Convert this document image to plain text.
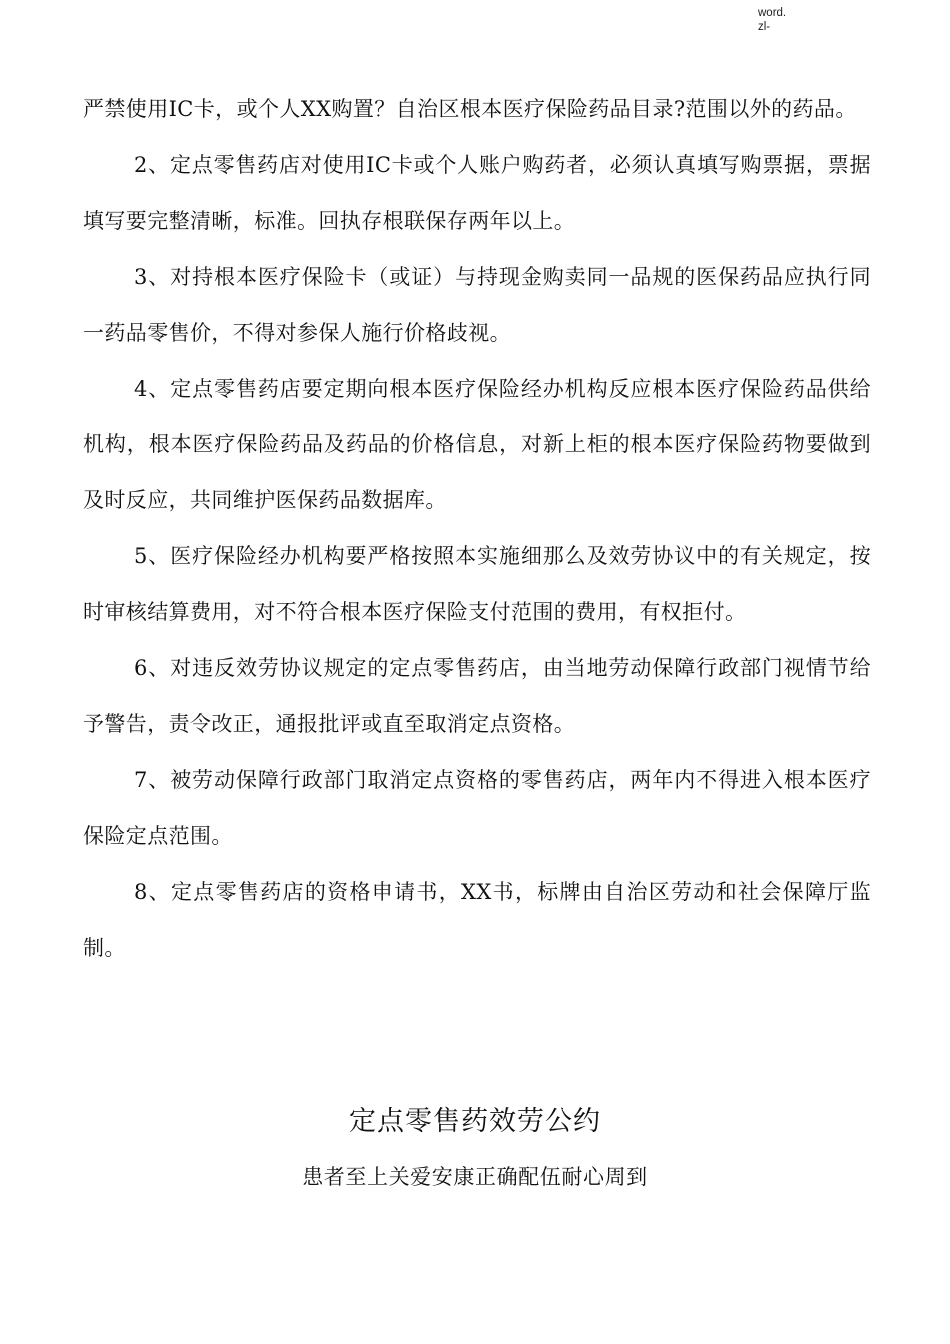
word.
zl-

严禁使用IC卡，或个人XX购置？自治区根本医疗保险药品目录?范围以外的药品。

2、定点零售药店对使用IC卡或个人账户购药者，必须认真填写购票据，票据填写要完整清晰，标准。回执存根联保存两年以上。

3、对持根本医疗保险卡（或证）与持现金购卖同一品规的医保药品应执行同一药品零售价，不得对参保人施行价格歧视。

4、定点零售药店要定期向根本医疗保险经办机构反应根本医疗保险药品供给机构，根本医疗保险药品及药品的价格信息，对新上柜的根本医疗保险药物要做到及时反应，共同维护医保药品数据库。

5、医疗保险经办机构要严格按照本实施细那么及效劳协议中的有关规定，按时审核结算费用，对不符合根本医疗保险支付范围的费用，有权拒付。

6、对违反效劳协议规定的定点零售药店，由当地劳动保障行政部门视情节给予警告，责令改正，通报批评或直至取消定点资格。

7、被劳动保障行政部门取消定点资格的零售药店，两年内不得进入根本医疗保险定点范围。

8、定点零售药店的资格申请书，XX书，标牌由自治区劳动和社会保障厅监制。

定点零售药效劳公约
患者至上关爱安康正确配伍耐心周到
